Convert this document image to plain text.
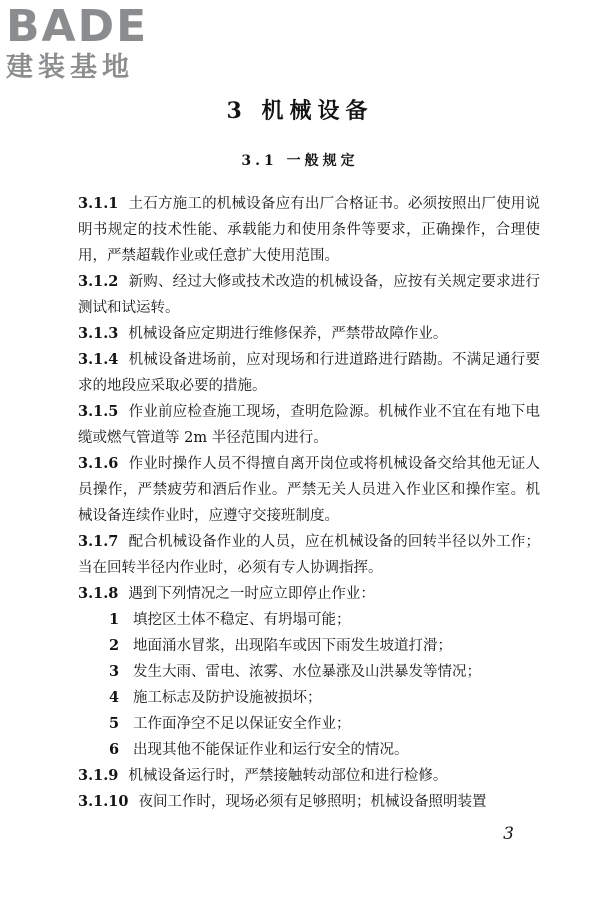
BADE
建装基地
3 机械设备
3.1 一般规定
3.1.1 土石方施工的机械设备应有出厂合格证书。必须按照出厂使用说明书规定的技术性能、承载能力和使用条件等要求，正确操作，合理使用，严禁超载作业或任意扩大使用范围。
3.1.2 新购、经过大修或技术改造的机械设备，应按有关规定要求进行测试和试运转。
3.1.3 机械设备应定期进行维修保养，严禁带故障作业。
3.1.4 机械设备进场前，应对现场和行进道路进行踏勘。不满足通行要求的地段应采取必要的措施。
3.1.5 作业前应检查施工现场，查明危险源。机械作业不宜在有地下电缆或燃气管道等 2m 半径范围内进行。
3.1.6 作业时操作人员不得擅自离开岗位或将机械设备交给其他无证人员操作，严禁疲劳和酒后作业。严禁无关人员进入作业区和操作室。机械设备连续作业时，应遵守交接班制度。
3.1.7 配合机械设备作业的人员，应在机械设备的回转半径以外工作；当在回转半径内作业时，必须有专人协调指挥。
3.1.8 遇到下列情况之一时应立即停止作业：
1 填挖区土体不稳定、有坍塌可能；
2 地面涌水冒浆，出现陷车或因下雨发生坡道打滑；
3 发生大雨、雷电、浓雾、水位暴涨及山洪暴发等情况；
4 施工标志及防护设施被损坏；
5 工作面净空不足以保证安全作业；
6 出现其他不能保证作业和运行安全的情况。
3.1.9 机械设备运行时，严禁接触转动部位和进行检修。
3.1.10 夜间工作时，现场必须有足够照明；机械设备照明装置
3
